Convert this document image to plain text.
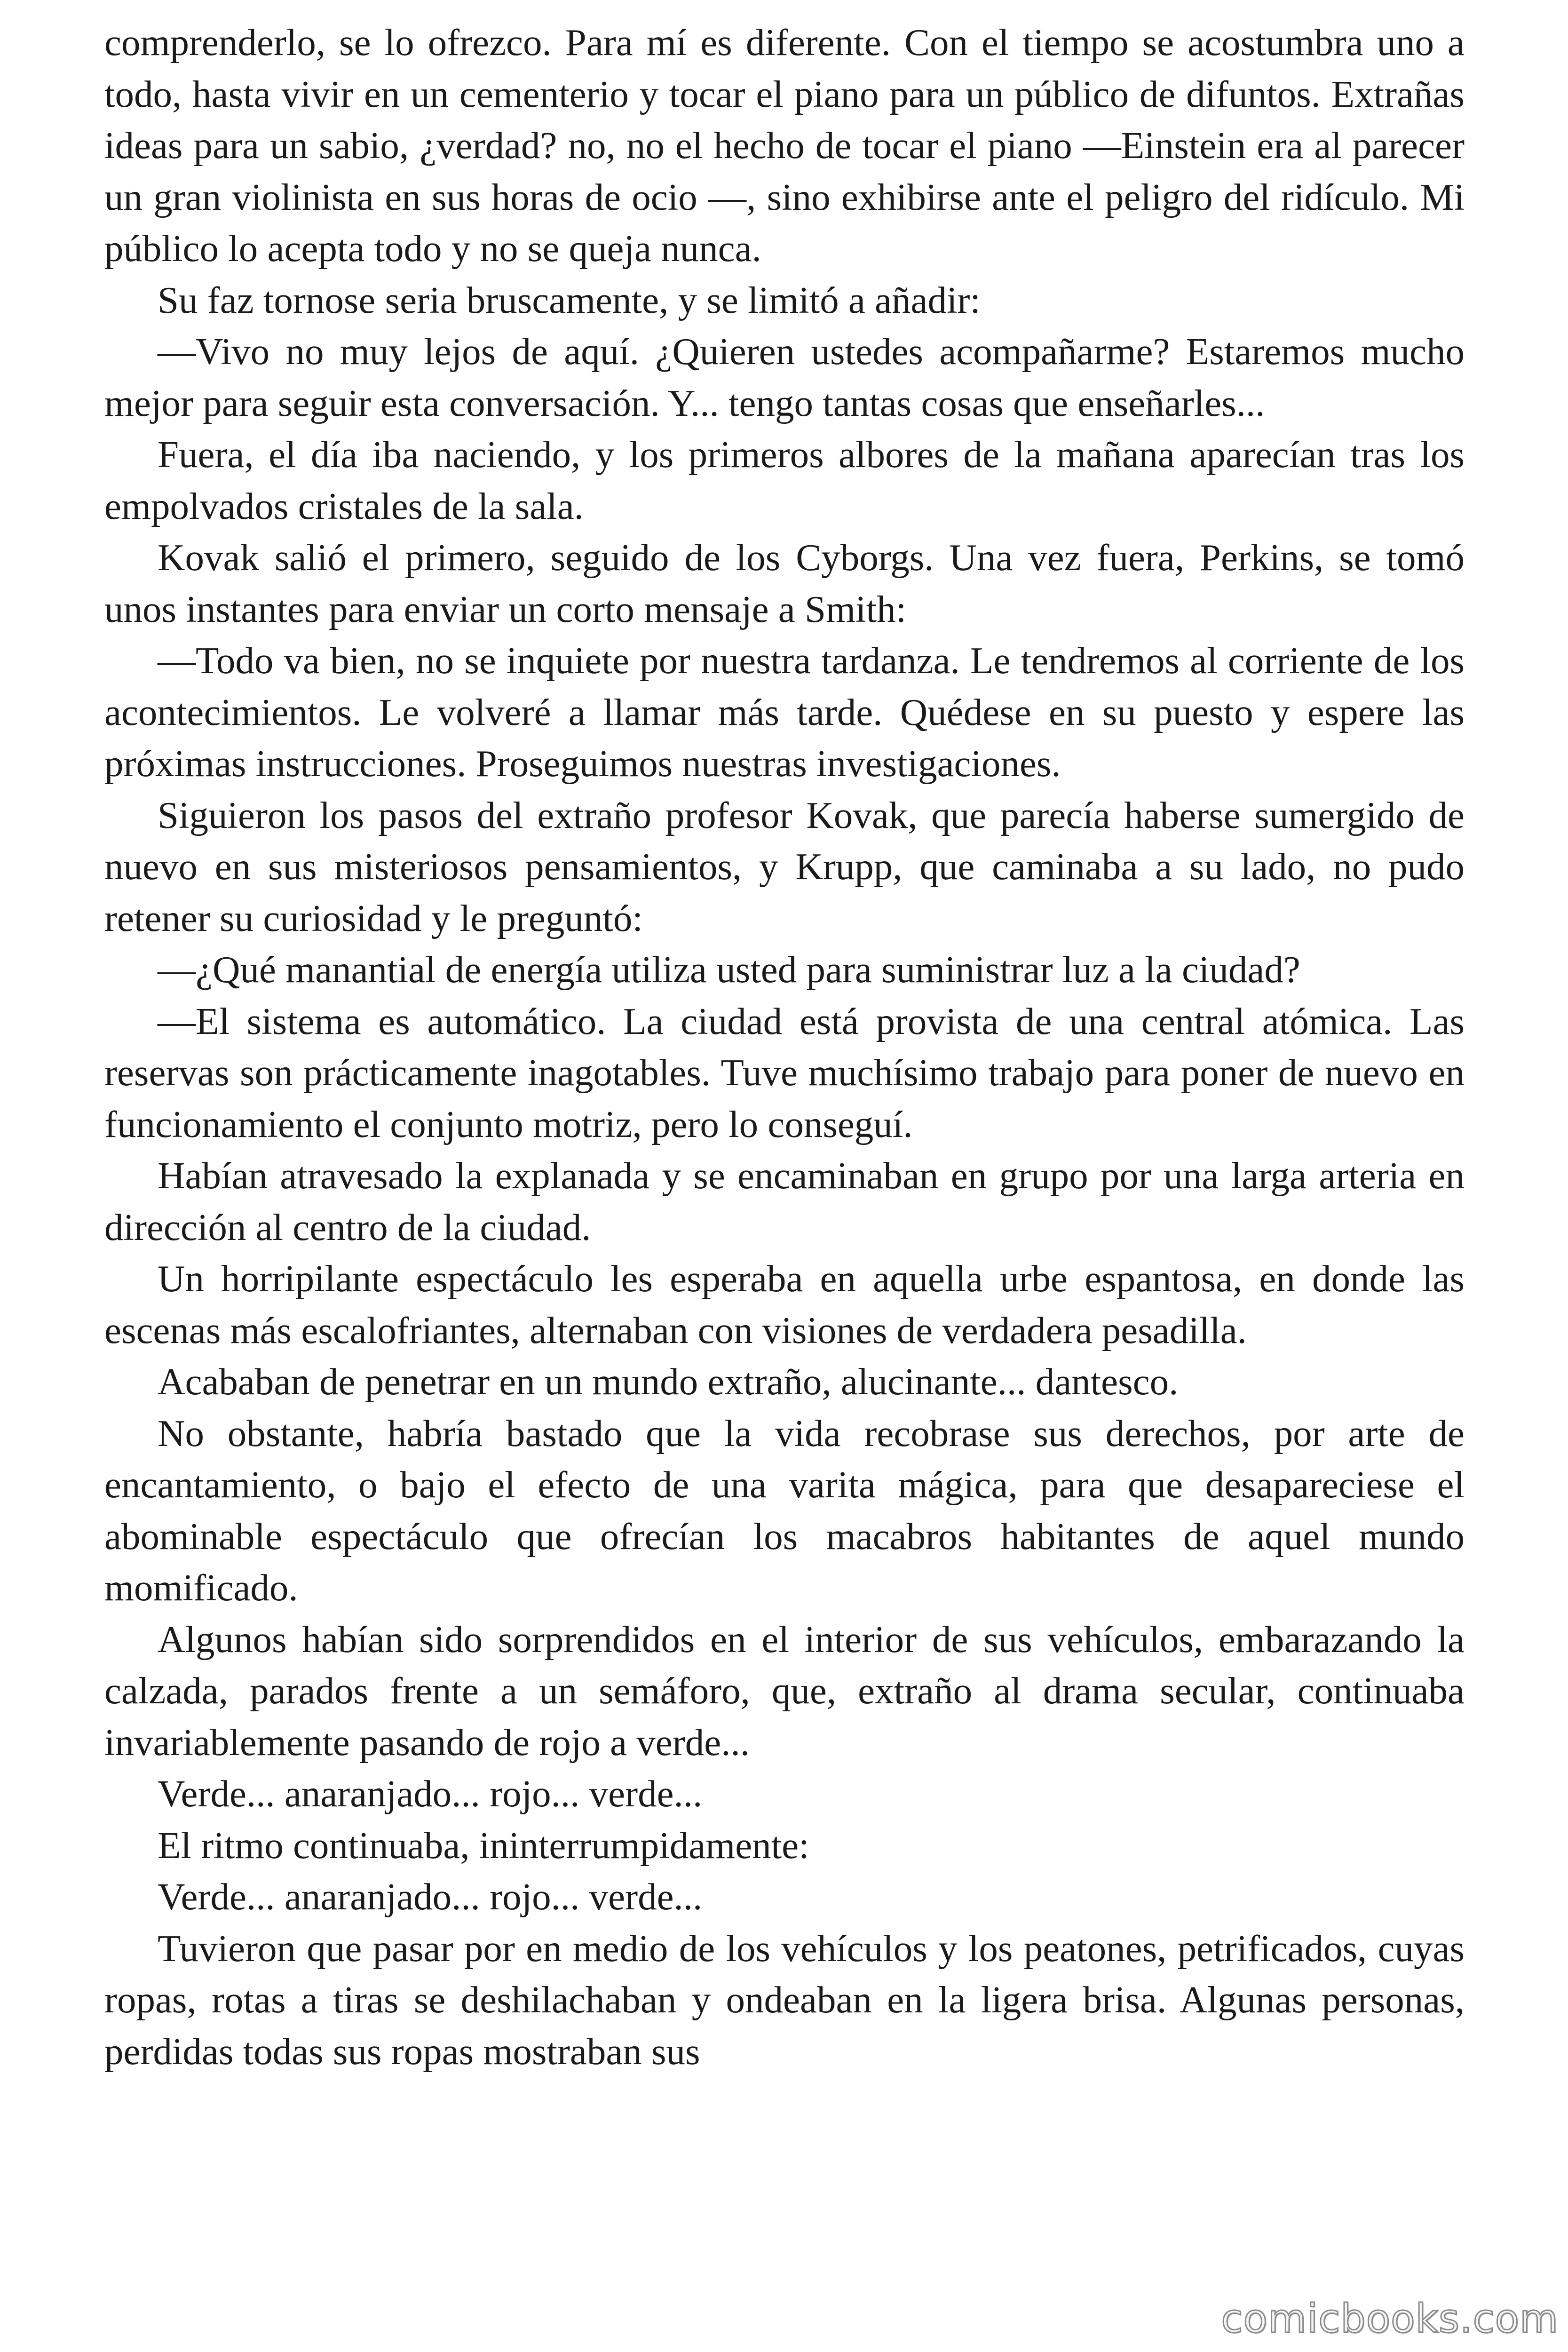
comprenderlo, se lo ofrezco. Para mí es diferente. Con el tiempo se acostumbra uno a todo, hasta vivir en un cementerio y tocar el piano para un público de difuntos. Extrañas ideas para un sabio, ¿verdad? no, no el hecho de tocar el piano —Einstein era al parecer un gran violinista en sus horas de ocio —, sino exhibirse ante el peligro del ridículo. Mi público lo acepta todo y no se queja nunca.

Su faz tornose seria bruscamente, y se limitó a añadir:

—Vivo no muy lejos de aquí. ¿Quieren ustedes acompañarme? Estaremos mucho mejor para seguir esta conversación. Y... tengo tantas cosas que enseñarles...

Fuera, el día iba naciendo, y los primeros albores de la mañana aparecían tras los empolvados cristales de la sala.

Kovak salió el primero, seguido de los Cyborgs. Una vez fuera, Perkins, se tomó unos instantes para enviar un corto mensaje a Smith:

—Todo va bien, no se inquiete por nuestra tardanza. Le tendremos al corriente de los acontecimientos. Le volveré a llamar más tarde. Quédese en su puesto y espere las próximas instrucciones. Proseguimos nuestras investigaciones.

Siguieron los pasos del extraño profesor Kovak, que parecía haberse sumergido de nuevo en sus misteriosos pensamientos, y Krupp, que caminaba a su lado, no pudo retener su curiosidad y le preguntó:

—¿Qué manantial de energía utiliza usted para suministrar luz a la ciudad?

—El sistema es automático. La ciudad está provista de una central atómica. Las reservas son prácticamente inagotables. Tuve muchísimo trabajo para poner de nuevo en funcionamiento el conjunto motriz, pero lo conseguí.

Habían atravesado la explanada y se encaminaban en grupo por una larga arteria en dirección al centro de la ciudad.

Un horripilante espectáculo les esperaba en aquella urbe espantosa, en donde las escenas más escalofriantes, alternaban con visiones de verdadera pesadilla.

Acababan de penetrar en un mundo extraño, alucinante... dantesco.

No obstante, habría bastado que la vida recobrase sus derechos, por arte de encantamiento, o bajo el efecto de una varita mágica, para que desapareciese el abominable espectáculo que ofrecían los macabros habitantes de aquel mundo momificado.

Algunos habían sido sorprendidos en el interior de sus vehículos, embarazando la calzada, parados frente a un semáforo, que, extraño al drama secular, continuaba invariablemente pasando de rojo a verde...

Verde... anaranjado... rojo... verde...

El ritmo continuaba, ininterrumpidamente:

Verde... anaranjado... rojo... verde...

Tuvieron que pasar por en medio de los vehículos y los peatones, petrificados, cuyas ropas, rotas a tiras se deshilachaban y ondeaban en la ligera brisa. Algunas personas, perdidas todas sus ropas mostraban sus

comicbooks.com
